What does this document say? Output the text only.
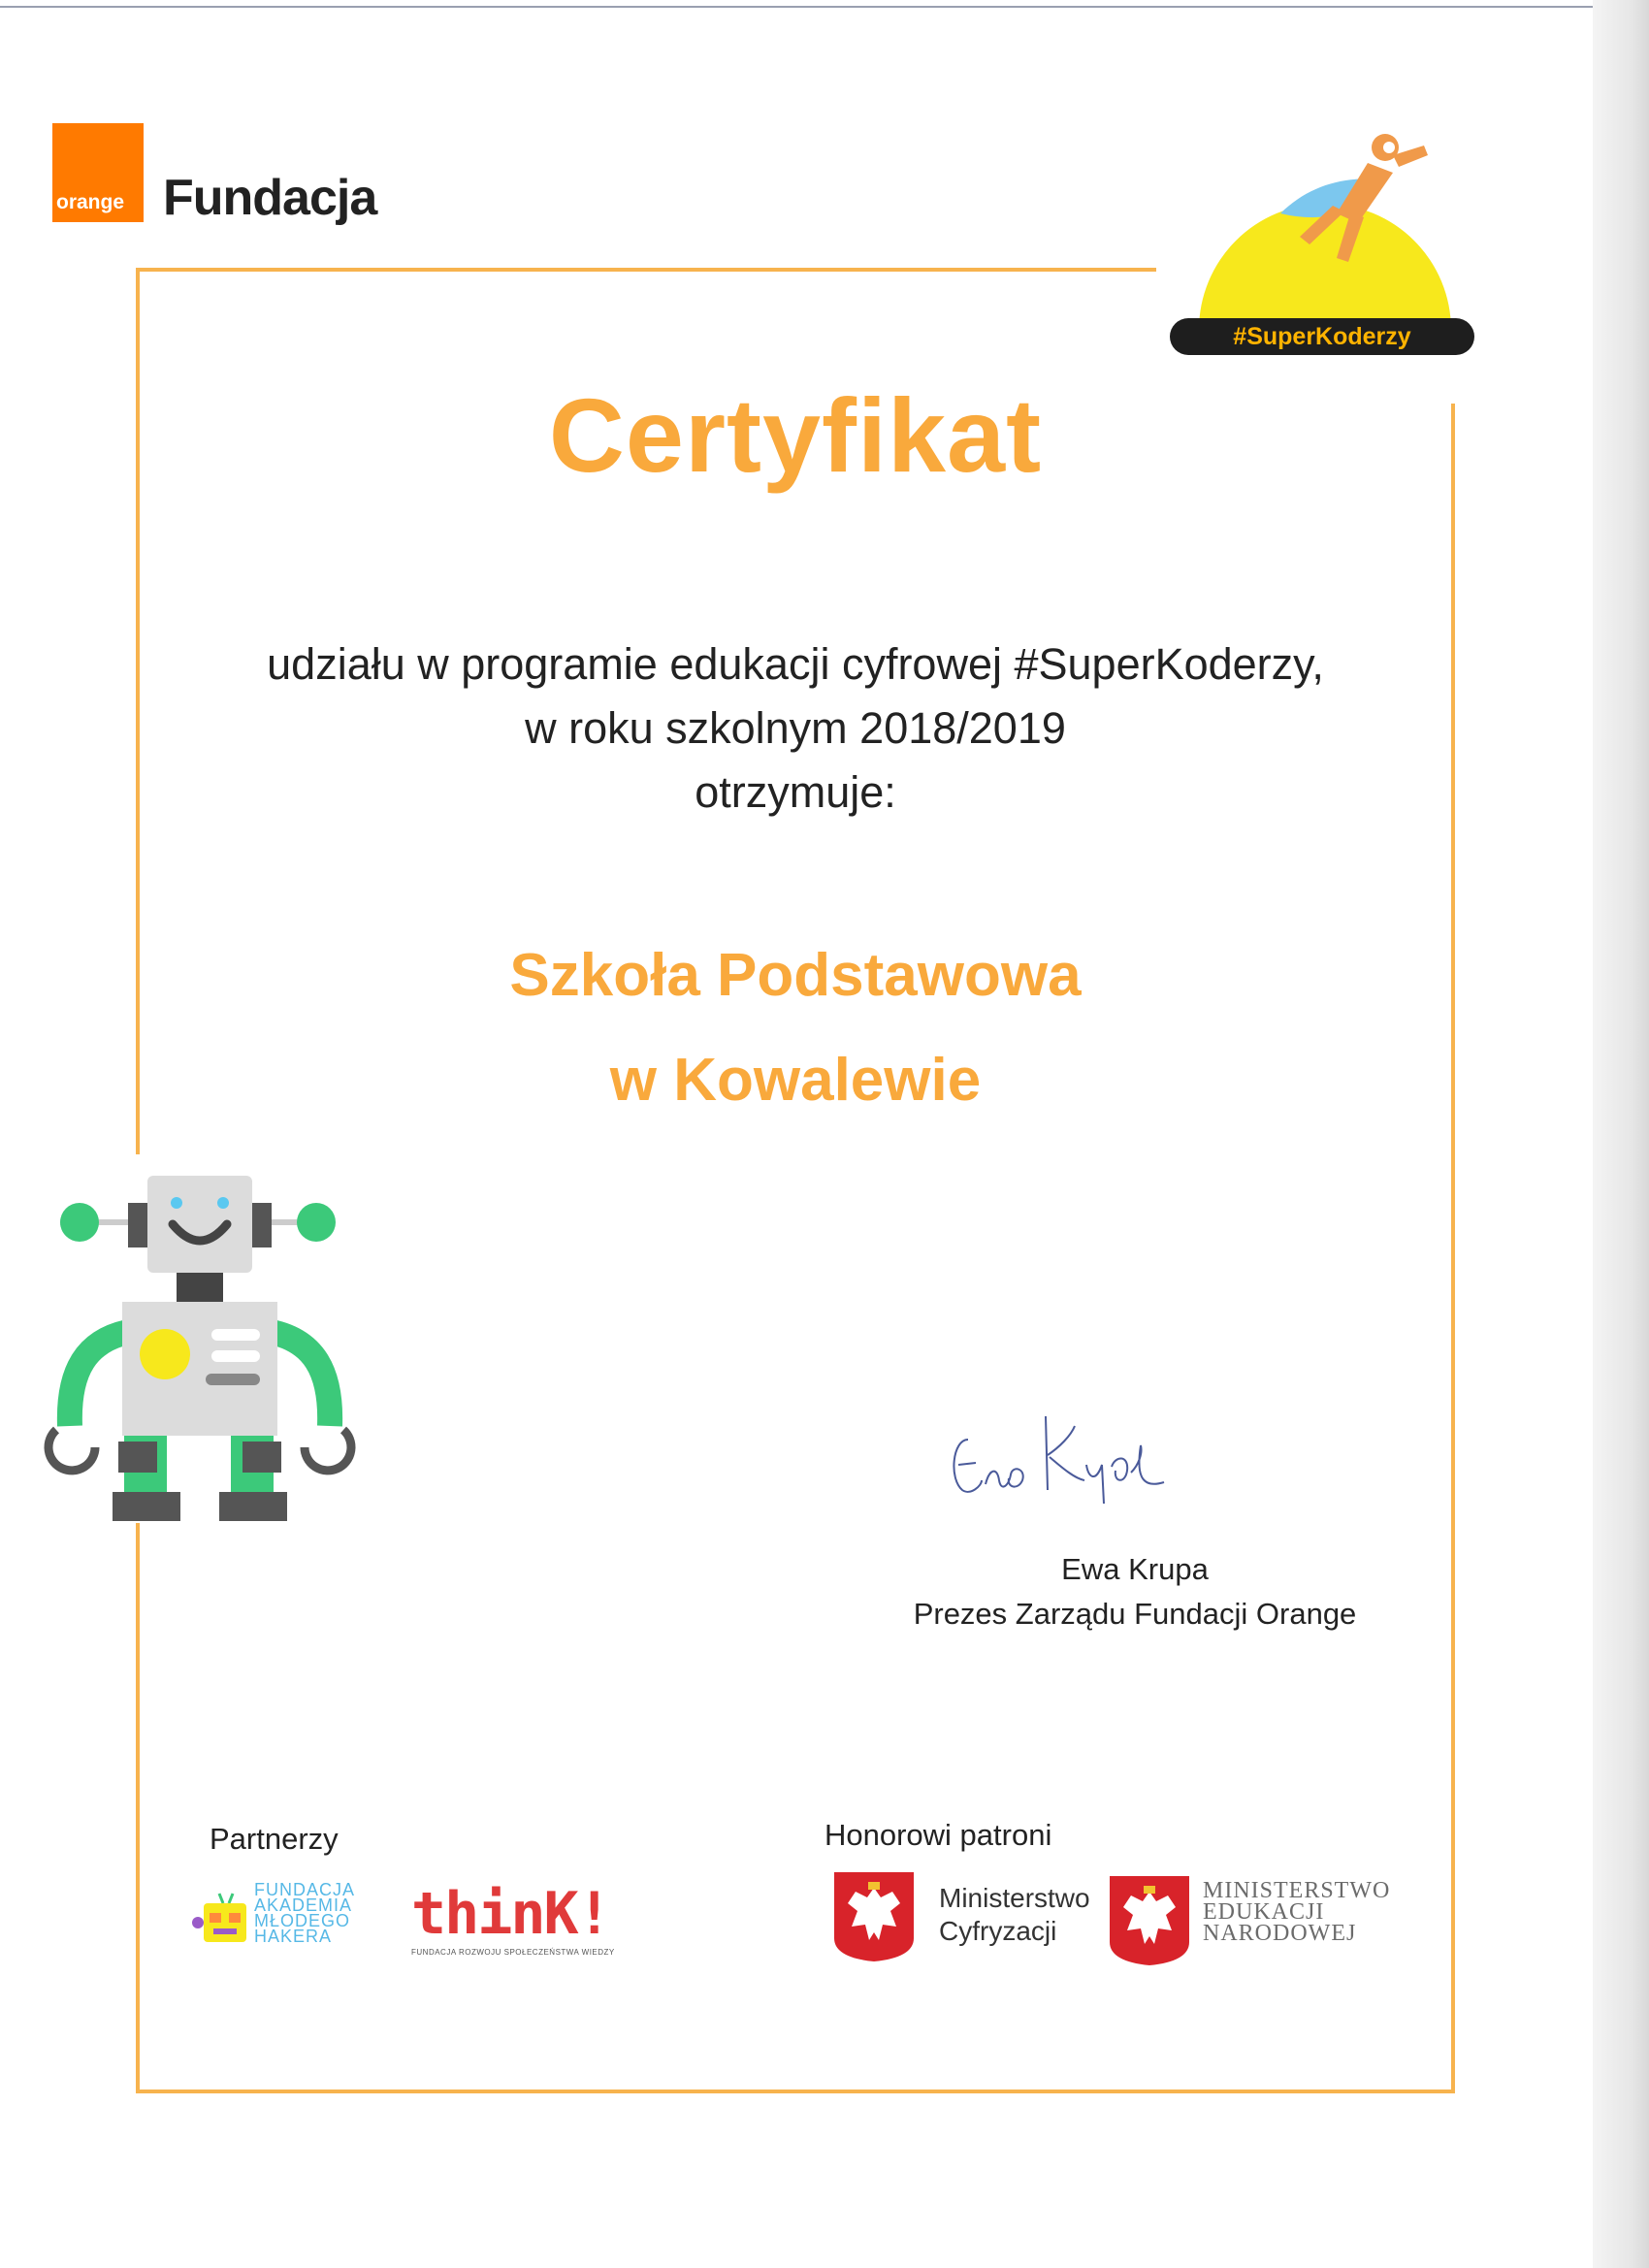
orange Fundacja
#SuperKoderzy
Certyfikat
udziału w programie edukacji cyfrowej #SuperKoderzy,
w roku szkolnym 2018/2019
otrzymuje:
Szkoła Podstawowa
w Kowalewie
Ewa Krupa
Prezes Zarządu Fundacji Orange
Partnerzy
FUNDACJA
AKADEMIA
MŁODEGO
HAKERA	thinK!
FUNDACJA ROZWOJU SPOŁECZEŃSTWA WIEDZY
Honorowi patroni
Ministerstwo
Cyfryzacji
MINISTERSTWO
EDUKACJI
NARODOWEJ
